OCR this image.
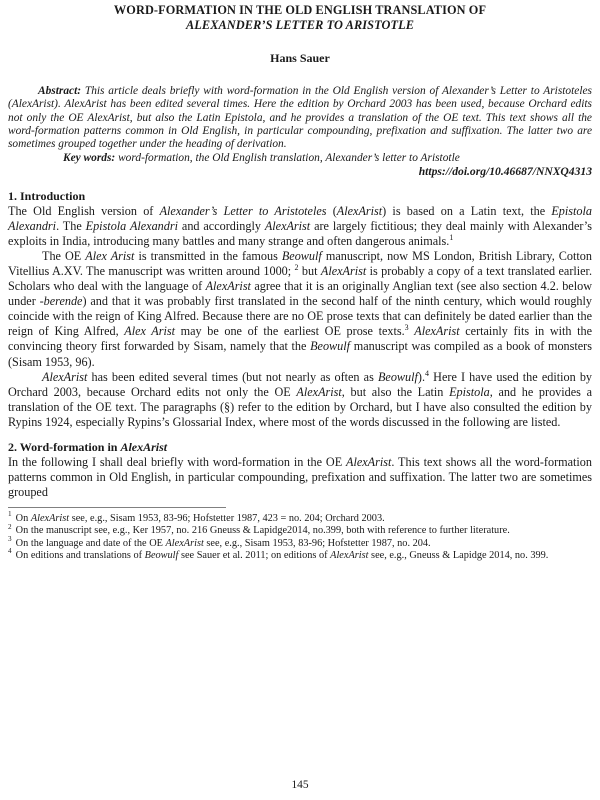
WORD-FORMATION IN THE OLD ENGLISH TRANSLATION OF
ALEXANDER’S LETTER TO ARISTOTLE
Hans Sauer
Abstract: This article deals briefly with word-formation in the Old English version of Alexander’s Letter to Aristoteles (AlexArist). AlexArist has been edited several times. Here the edition by Orchard 2003 has been used, because Orchard edits not only the OE AlexArist, but also the Latin Epistola, and he provides a translation of the OE text. This text shows all the word-formation patterns common in Old English, in particular compounding, prefixation and suffixation. The latter two are sometimes grouped together under the heading of derivation.
Key words: word-formation, the Old English translation, Alexander’s letter to Aristotle
https://doi.org/10.46687/NNXQ4313
1. Introduction
The Old English version of Alexander’s Letter to Aristoteles (AlexArist) is based on a Latin text, the Epistola Alexandri. The Epistola Alexandri and accordingly AlexArist are largely fictitious; they deal mainly with Alexander’s exploits in India, introducing many battles and many strange and often dangerous animals.$^1$
The OE Alex Arist is transmitted in the famous Beowulf manuscript, now MS London, British Library, Cotton Vitellius A.XV. The manuscript was written around 1000; $^2$ but AlexArist is probably a copy of a text translated earlier. Scholars who deal with the language of AlexArist agree that it is an originally Anglian text (see also section 4.2. below under -berende) and that it was probably first translated in the second half of the ninth century, which would roughly coincide with the reign of King Alfred. Because there are no OE prose texts that can definitely be dated earlier than the reign of King Alfred, Alex Arist may be one of the earliest OE prose texts.$^3$ AlexArist certainly fits in with the convincing theory first forwarded by Sisam, namely that the Beowulf manuscript was compiled as a book of monsters (Sisam 1953, 96).
AlexArist has been edited several times (but not nearly as often as Beowulf).$^4$ Here I have used the edition by Orchard 2003, because Orchard edits not only the OE AlexArist, but also the Latin Epistola, and he provides a translation of the OE text. The paragraphs (§) refer to the edition by Orchard, but I have also consulted the edition by Rypins 1924, especially Rypins’s Glossarial Index, where most of the words discussed in the following are listed.
2. Word-formation in AlexArist
In the following I shall deal briefly with word-formation in the OE AlexArist. This text shows all the word-formation patterns common in Old English, in particular compounding, prefixation and suffixation. The latter two are sometimes grouped
$^1$ On AlexArist see, e.g., Sisam 1953, 83-96; Hofstetter 1987, 423 = no. 204; Orchard 2003.
$^2$ On the manuscript see, e.g., Ker 1957, no. 216 Gneuss & Lapidge2014, no.399, both with reference to further literature.
$^3$ On the language and date of the OE AlexArist see, e.g., Sisam 1953, 83-96; Hofstetter 1987, no. 204.
$^4$ On editions and translations of Beowulf see Sauer et al. 2011; on editions of AlexArist see, e.g., Gneuss & Lapidge 2014, no. 399.
145
